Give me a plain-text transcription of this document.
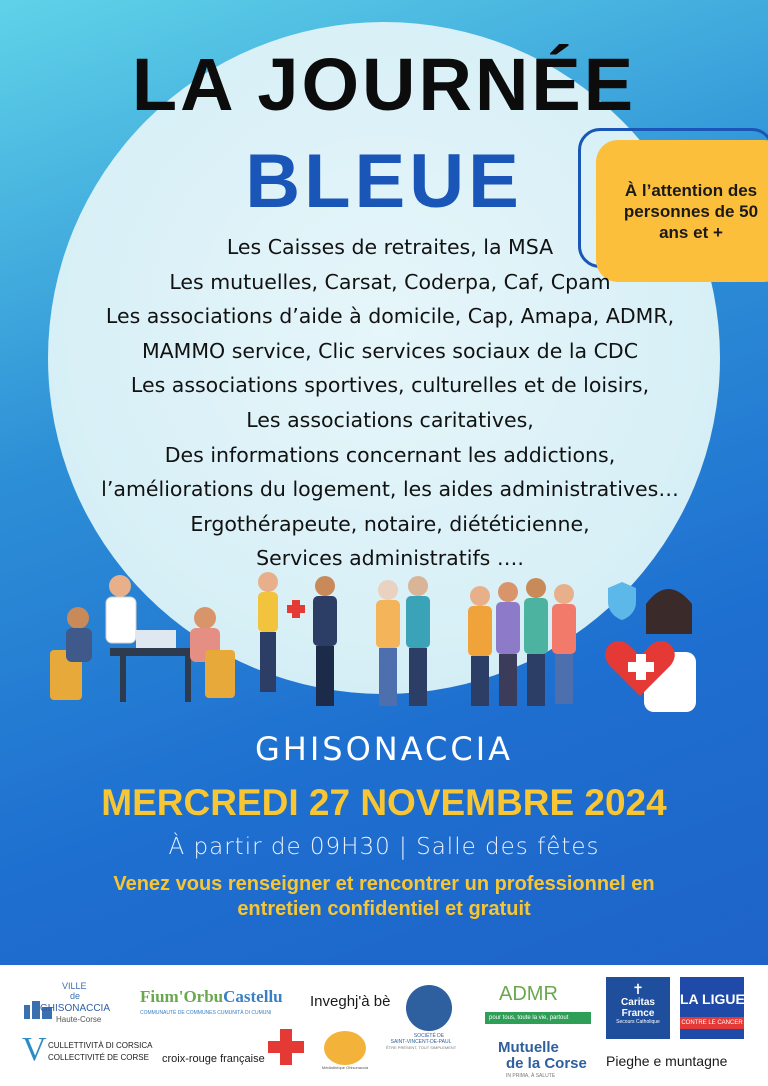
LA JOURNÉE
BLEUE	À l’attention des personnes de 50 ans et +
Les Caisses de retraites, la MSA
Les mutuelles, Carsat, Coderpa, Caf, Cpam
Les associations d’aide à domicile, Cap, Amapa, ADMR,
MAMMO service, Clic services sociaux de la CDC
Les associations sportives, culturelles et de loisirs,
Les associations caritatives,
Des informations concernant les addictions,
l’améliorations du logement, les aides administratives…
Ergothérapeute, notaire, diététicienne,
Services administratifs ….
GHISONACCIA
MERCREDI 27 NOVEMBRE 2024
À partir de 09H30 | Salle des fêtes
Venez vous renseigner et rencontrer un professionnel en entretien confidentiel et gratuit
VILLE
de
GHISONACCIA
Haute-Corse
Fium'OrbuCastellu
COMMUNAUTÉ DE COMMUNES CUMUNITÀ DI CUMUNI
Inveghj'à bè
SOCIÉTÉ DE
SAINT-VINCENT-DE-PAUL
ÊTRE PRÉSENT, TOUT SIMPLEMENT
ADMR
pour tous, toute la vie, partout
✝
Caritas
France
Secours Catholique
LA LIGUE
CONTRE LE CANCER
V CULLETTIVITÀ DI CORSICA
COLLECTIVITÉ DE CORSE croix-rouge française
Médiathèque Ghisonaccia
Mutuelle
de la Corse
IN PRIMA, À SALUTE
Pieghe e muntagne
